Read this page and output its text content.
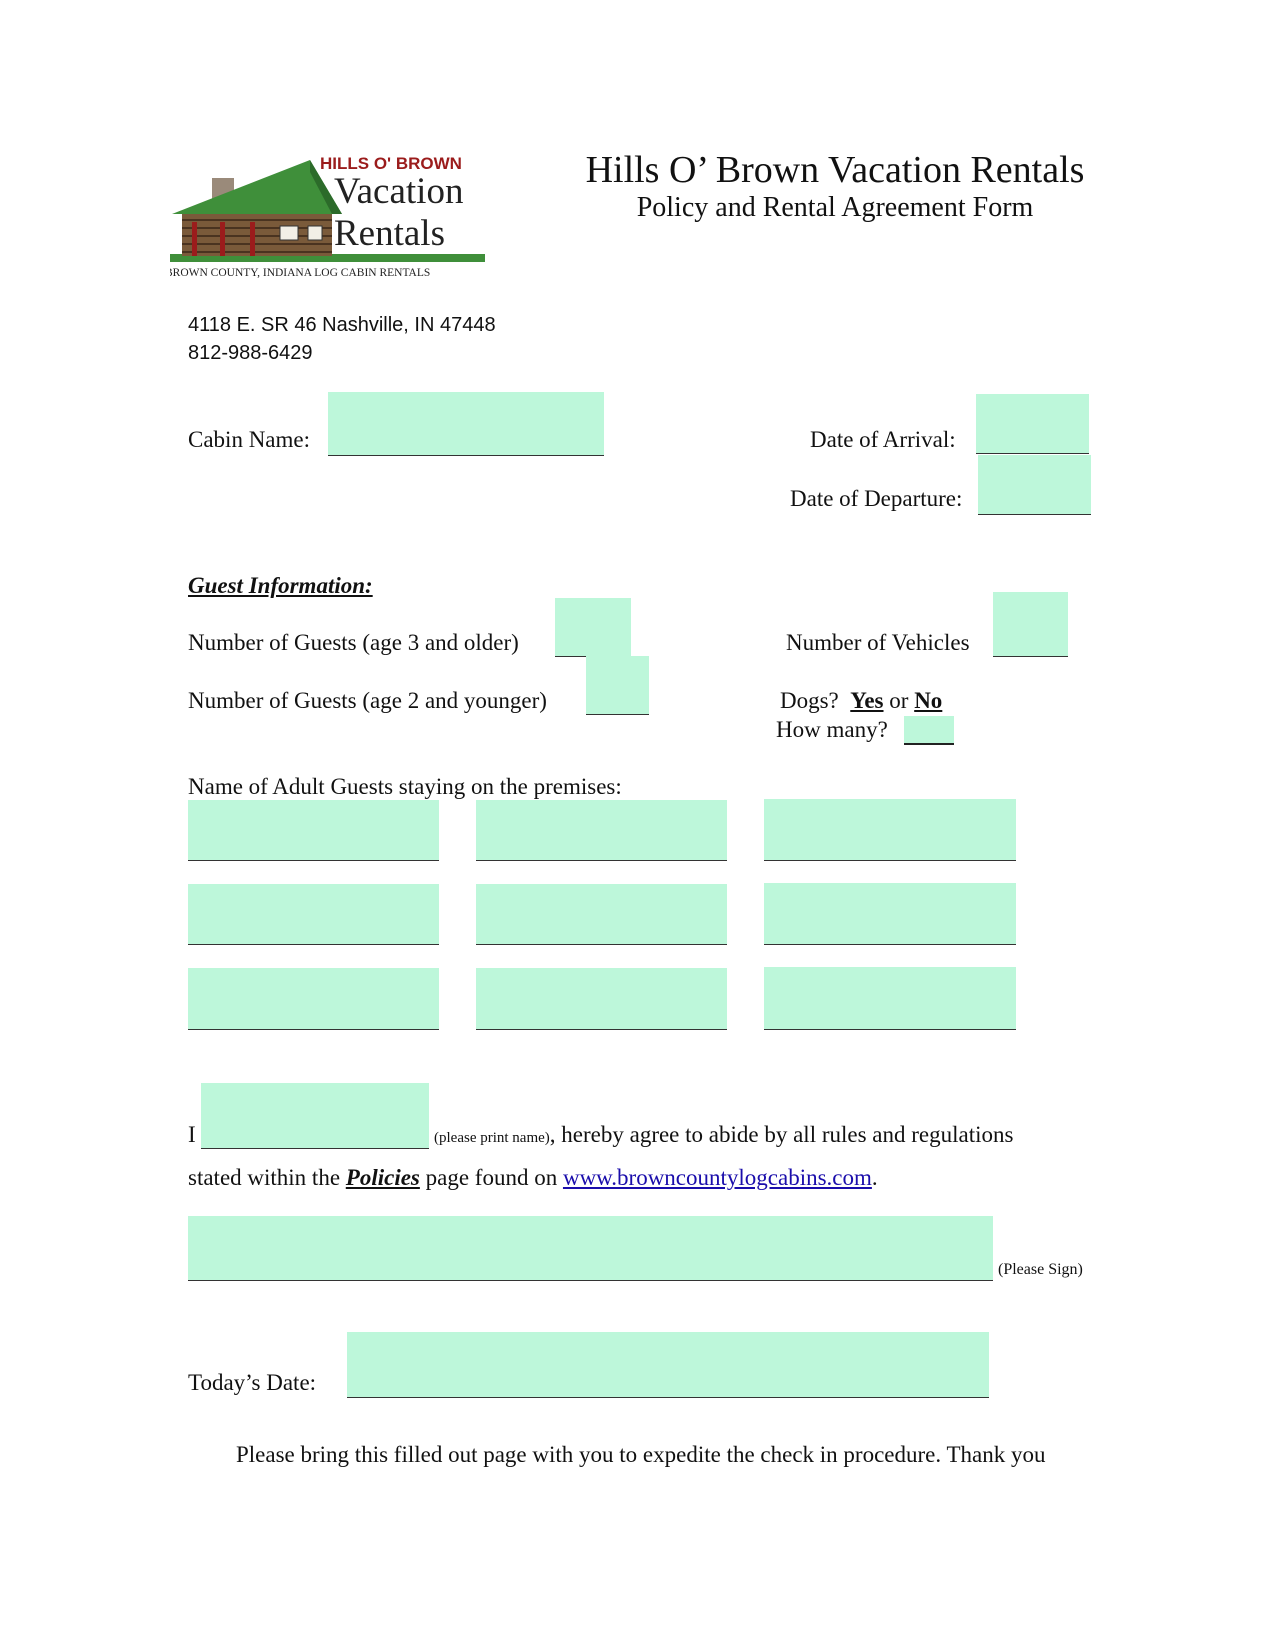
HILLS O' BROWN
Vacation
Rentals
BROWN COUNTY, INDIANA LOG CABIN RENTALS
Hills O’ Brown Vacation Rentals
Policy and Rental Agreement Form
4118 E. SR 46 Nashville, IN 47448
812-988-6429
Cabin Name:	Date of Arrival:
Date of Departure:
Guest Information:
Number of Guests (age 3 and older)
Number of Guests (age 2 and younger)
Number of Vehicles
Dogs? Yes or No
How many?
Name of Adult Guests staying on the premises:
I	(please print name), hereby agree to abide by all rules and regulations
stated within the Policies page found on www.browncountylogcabins.com.
(Please Sign)
Today’s Date:
Please bring this filled out page with you to expedite the check in procedure. Thank you
